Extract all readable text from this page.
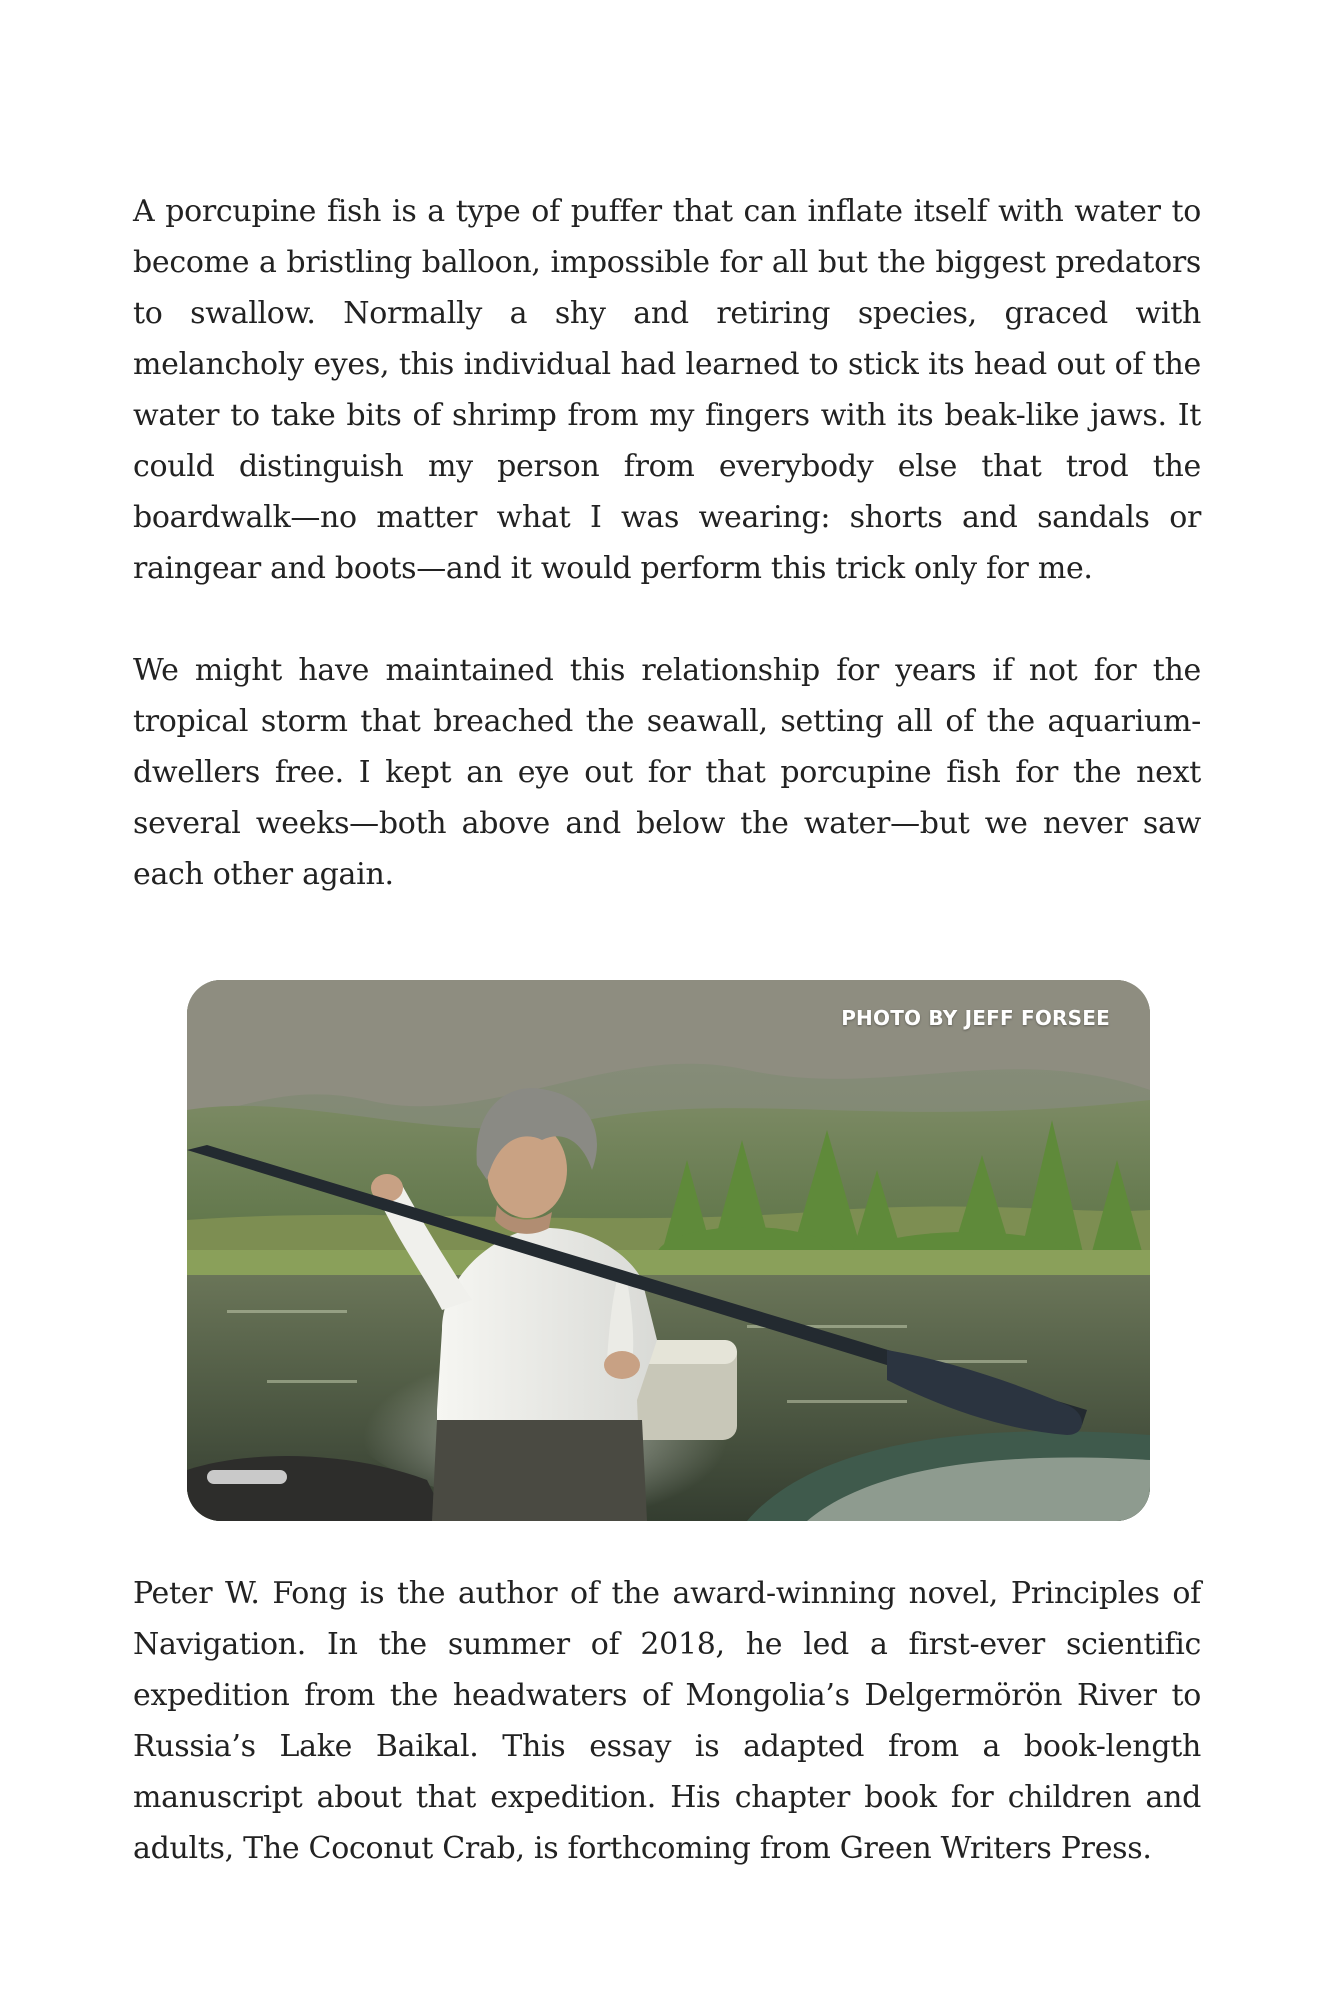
A porcupine fish is a type of puffer that can inflate itself with water to become a bristling balloon, impossible for all but the biggest predators to swallow. Normally a shy and retiring species, graced with melancholy eyes, this individual had learned to stick its head out of the water to take bits of shrimp from my fingers with its beak-like jaws. It could distinguish my person from everybody else that trod the boardwalk—no matter what I was wearing: shorts and sandals or raingear and boots—and it would perform this trick only for me.

We might have maintained this relationship for years if not for the tropical storm that breached the seawall, setting all of the aquarium-dwellers free. I kept an eye out for that porcupine fish for the next several weeks—both above and below the water—but we never saw each other again.

PHOTO BY JEFF FORSEE

Peter W. Fong is the author of the award-winning novel, Principles of Navigation. In the summer of 2018, he led a first-ever scientific expedition from the headwaters of Mongolia’s Delgermörön River to Russia’s Lake Baikal. This essay is adapted from a book-length manuscript about that expedition. His chapter book for children and adults, The Coconut Crab, is forthcoming from Green Writers Press.
